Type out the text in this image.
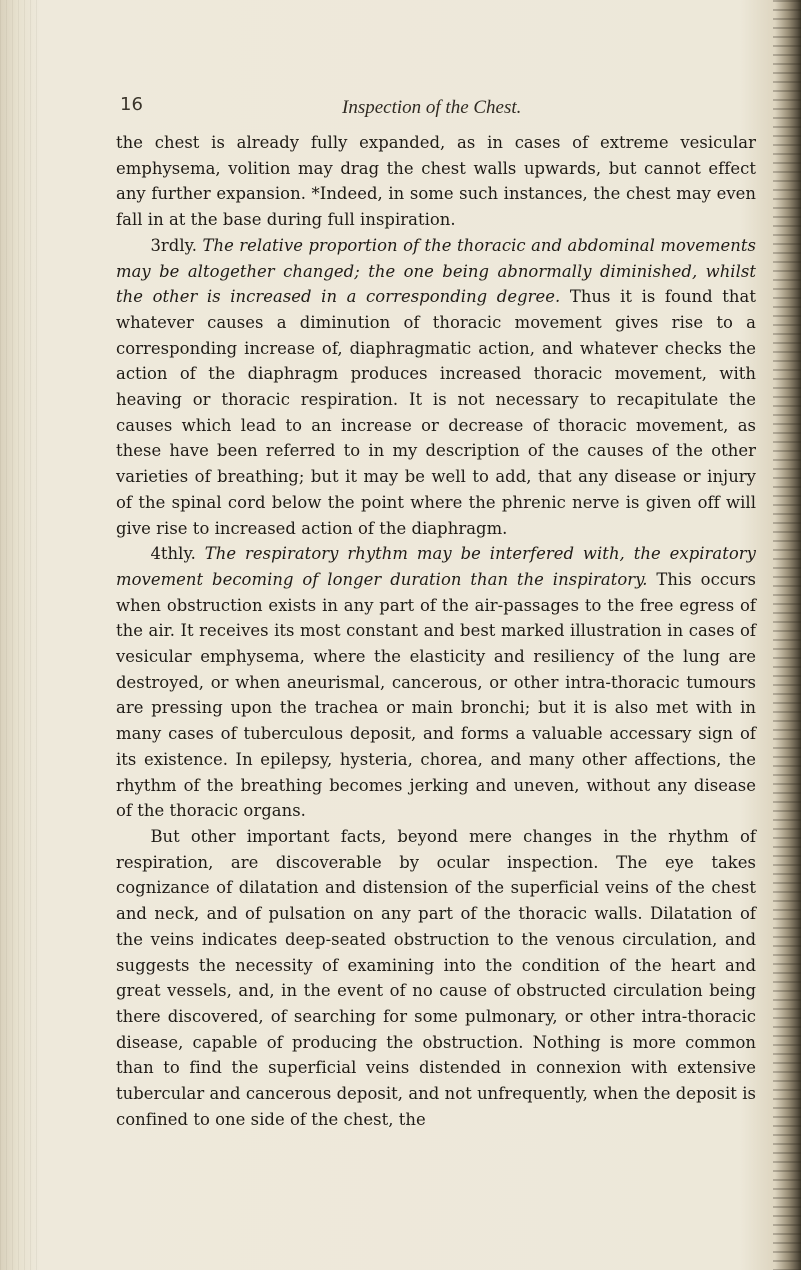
16	Inspection of the Chest.

the chest is already fully expanded, as in cases of extreme vesicular emphysema, volition may drag the chest walls upwards, but cannot effect any further expansion. *Indeed, in some such instances, the chest may even fall in at the base during full inspiration.

3rdly. The relative proportion of the thoracic and abdominal movements may be altogether changed; the one being abnormally diminished, whilst the other is increased in a corresponding degree. Thus it is found that whatever causes a diminution of thoracic movement gives rise to a corresponding increase of, diaphragmatic action, and whatever checks the action of the diaphragm produces increased thoracic movement, with heaving or thoracic respiration. It is not necessary to recapitulate the causes which lead to an increase or decrease of thoracic movement, as these have been referred to in my description of the causes of the other varieties of breathing; but it may be well to add, that any disease or injury of the spinal cord below the point where the phrenic nerve is given off will give rise to increased action of the diaphragm.

4thly. The respiratory rhythm may be interfered with, the expiratory movement becoming of longer duration than the inspiratory. This occurs when obstruction exists in any part of the air-passages to the free egress of the air. It receives its most constant and best marked illustration in cases of vesicular emphysema, where the elasticity and resiliency of the lung are destroyed, or when aneurismal, cancerous, or other intra-thoracic tumours are pressing upon the trachea or main bronchi; but it is also met with in many cases of tuberculous deposit, and forms a valuable accessary sign of its existence. In epilepsy, hysteria, chorea, and many other affections, the rhythm of the breathing becomes jerking and uneven, without any disease of the thoracic organs.

But other important facts, beyond mere changes in the rhythm of respiration, are discoverable by ocular inspection. The eye takes cognizance of dilatation and distension of the superficial veins of the chest and neck, and of pulsation on any part of the thoracic walls. Dilatation of the veins indicates deep-seated obstruction to the venous circulation, and suggests the necessity of examining into the condition of the heart and great vessels, and, in the event of no cause of obstructed circulation being there discovered, of searching for some pulmonary, or other intra-thoracic disease, capable of producing the obstruction. Nothing is more common than to find the superficial veins distended in connexion with extensive tubercular and cancerous deposit, and not unfrequently, when the deposit is confined to one side of the chest, the
